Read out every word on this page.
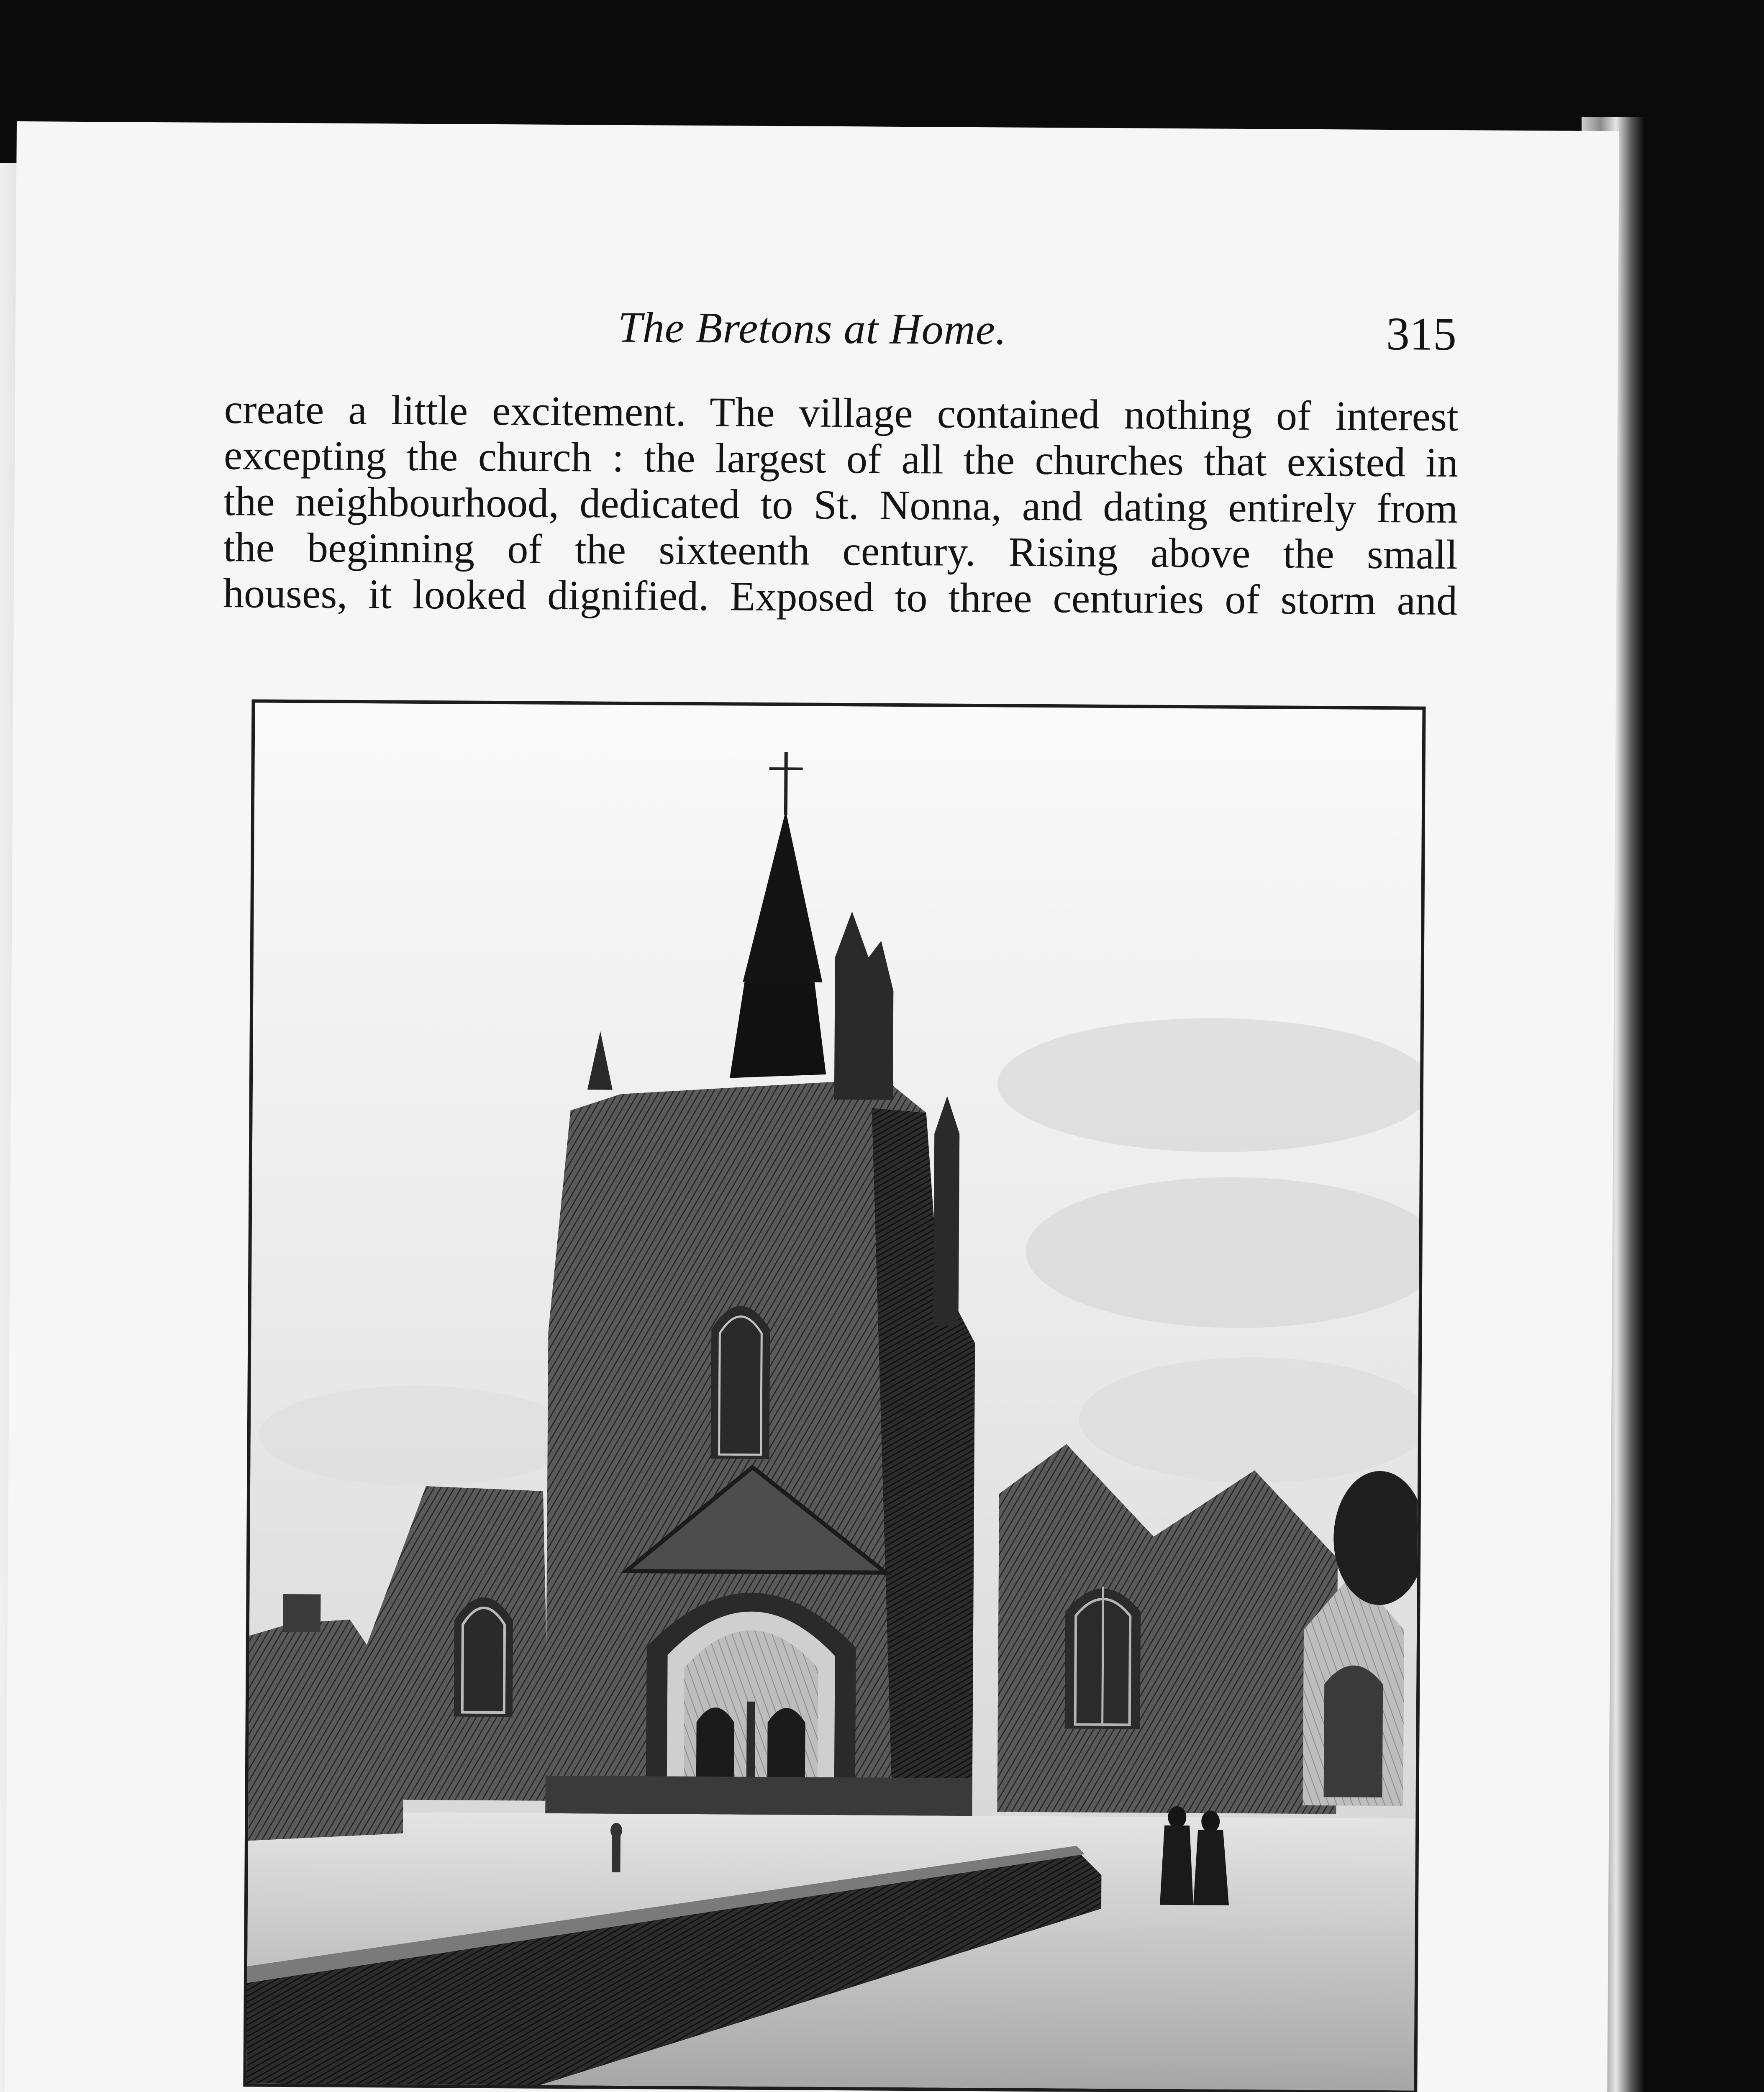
The Bretons at Home.	315
create a little excitement. The village contained nothing of interest
excepting the church : the largest of all the churches that existed in
the neighbourhood, dedicated to St. Nonna, and dating entirely from
the beginning of the sixteenth century. Rising above the small
houses, it looked dignified. Exposed to three centuries of storm and
